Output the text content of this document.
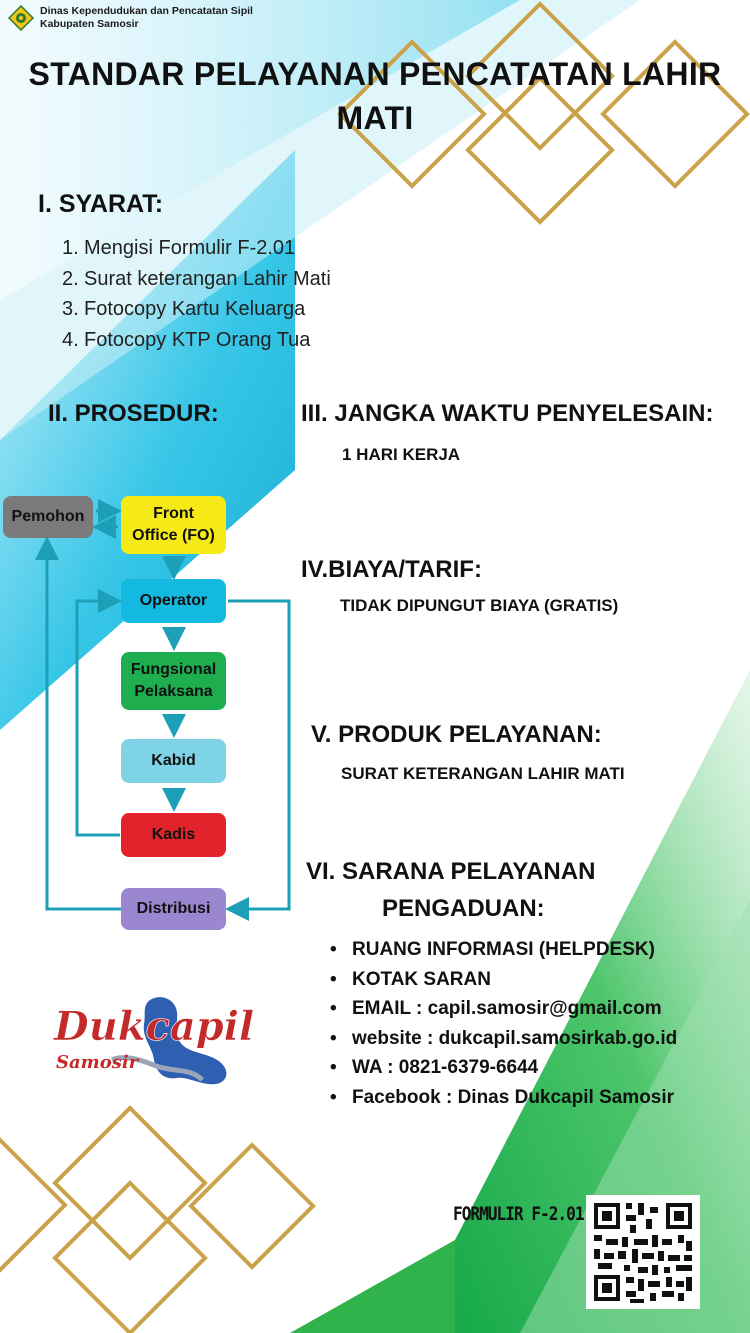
Dinas Kependudukan dan Pencatatan Sipil
Kabupaten Samosir
STANDAR PELAYANAN PENCATATAN LAHIR
MATI
I. SYARAT:
1. Mengisi Formulir F-2.01
2. Surat keterangan Lahir Mati
3. Fotocopy Kartu Keluarga
4. Fotocopy KTP Orang Tua
II. PROSEDUR:
Pemohon	Front
Office (FO)
Operator
Fungsional
Pelaksana
Kabid
Kadis
Distribusi
III. JANGKA WAKTU PENYELESAIN:
1 HARI KERJA
IV.BIAYA/TARIF:
TIDAK DIPUNGUT BIAYA (GRATIS)
V. PRODUK PELAYANAN:
SURAT KETERANGAN LAHIR MATI
VI. SARANA PELAYANAN
PENGADUAN:
• RUANG INFORMASI (HELPDESK)
• KOTAK SARAN
• EMAIL : capil.samosir@gmail.com
• website : dukcapil.samosirkab.go.id
• WA : 0821-6379-6644
• Facebook : Dinas Dukcapil Samosir
Dukcapil
Samosir
FORMULIR F-2.01
